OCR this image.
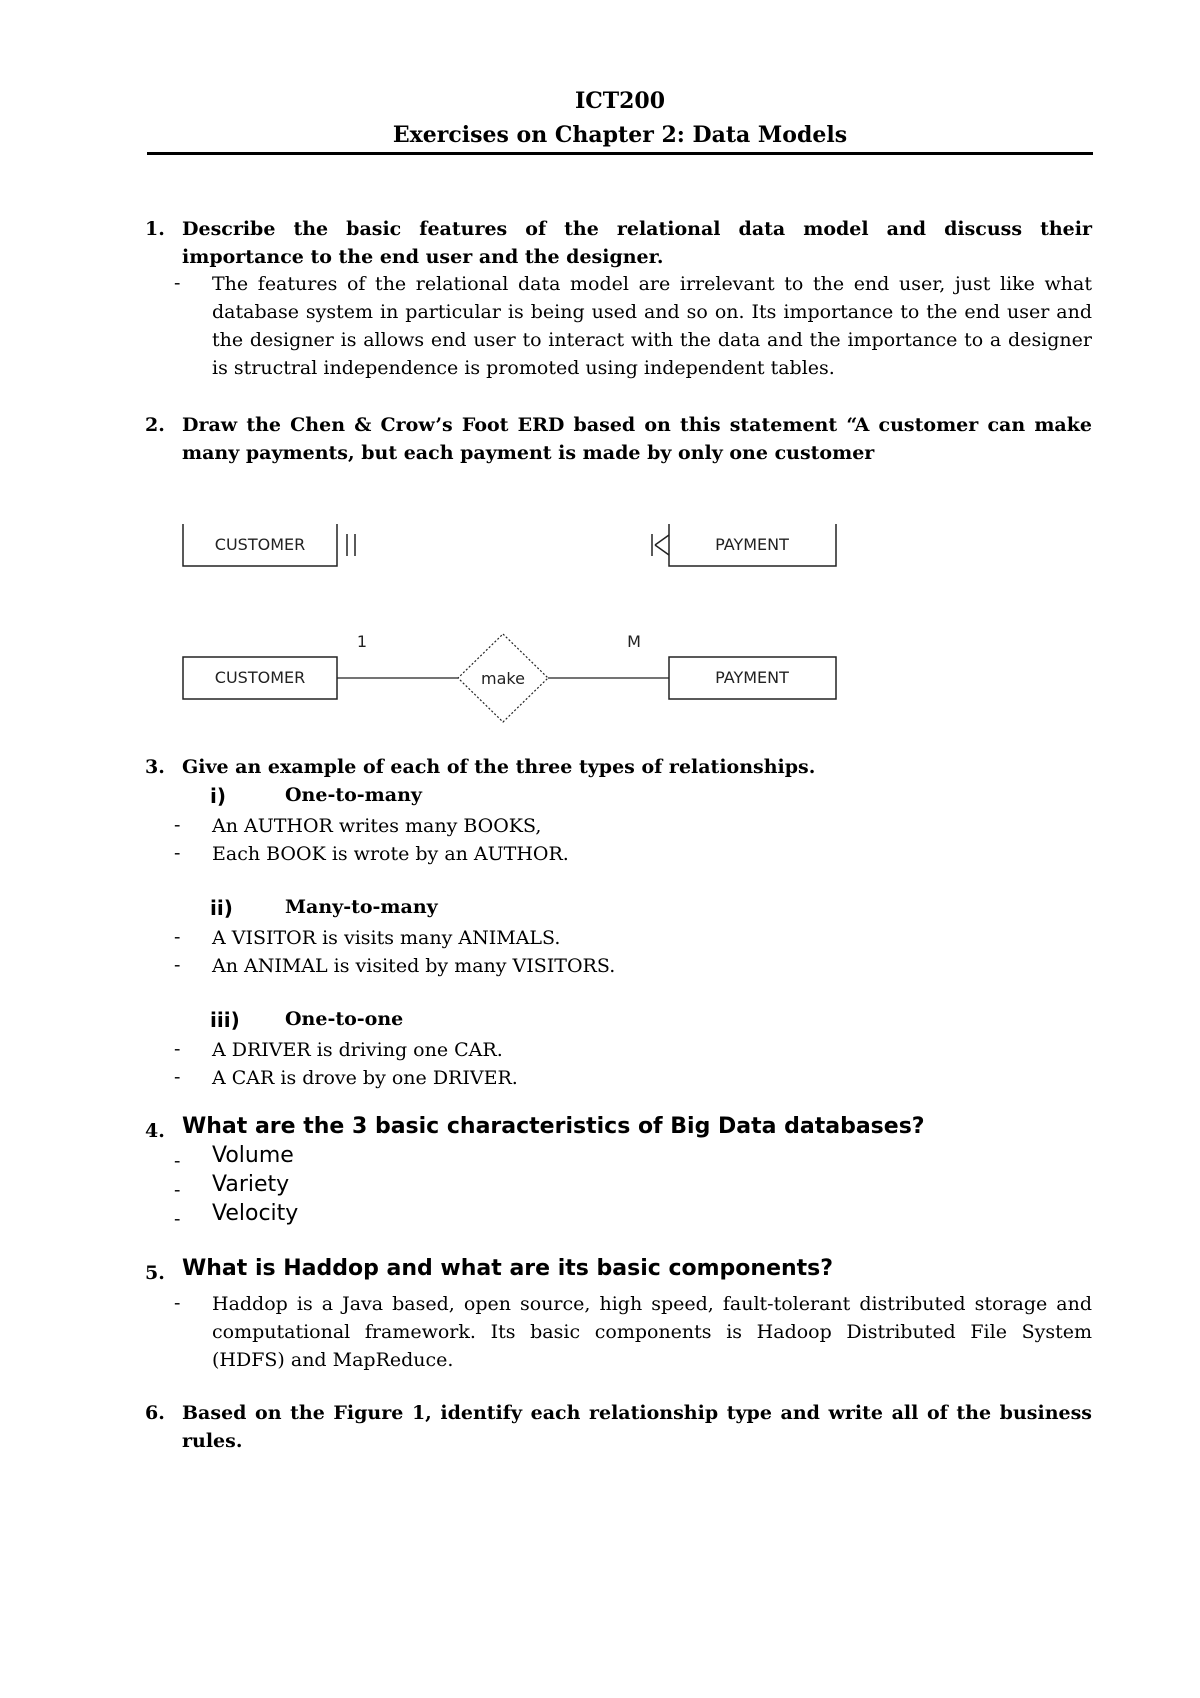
ICT200
Exercises on Chapter 2: Data Models
1. Describe the basic features of the relational data model and discuss their importance to the end user and the designer.
- The features of the relational data model are irrelevant to the end user, just like what database system in particular is being used and so on. Its importance to the end user and the designer is allows end user to interact with the data and the importance to a designer is structral independence is promoted using independent tables.
2. Draw the Chen & Crow’s Foot ERD based on this statement “A customer can make many payments, but each payment is made by only one customer
CUSTOMER	PAYMENT
CUSTOMER	make	PAYMENT
1	M
3. Give an example of each of the three types of relationships.
i)	One-to-many
- An AUTHOR writes many BOOKS,
- Each BOOK is wrote by an AUTHOR.
ii)	Many-to-many
- A VISITOR is visits many ANIMALS.
- An ANIMAL is visited by many VISITORS.
iii) One-to-one
- A DRIVER is driving one CAR.
- A CAR is drove by one DRIVER.
4. What are the 3 basic characteristics of Big Data databases?
- Volume
- Variety
- Velocity
5. What is Haddop and what are its basic components?
- Haddop is a Java based, open source, high speed, fault-tolerant distributed storage and computational framework. Its basic components is Hadoop Distributed File System (HDFS) and MapReduce.
6. Based on the Figure 1, identify each relationship type and write all of the business rules.
